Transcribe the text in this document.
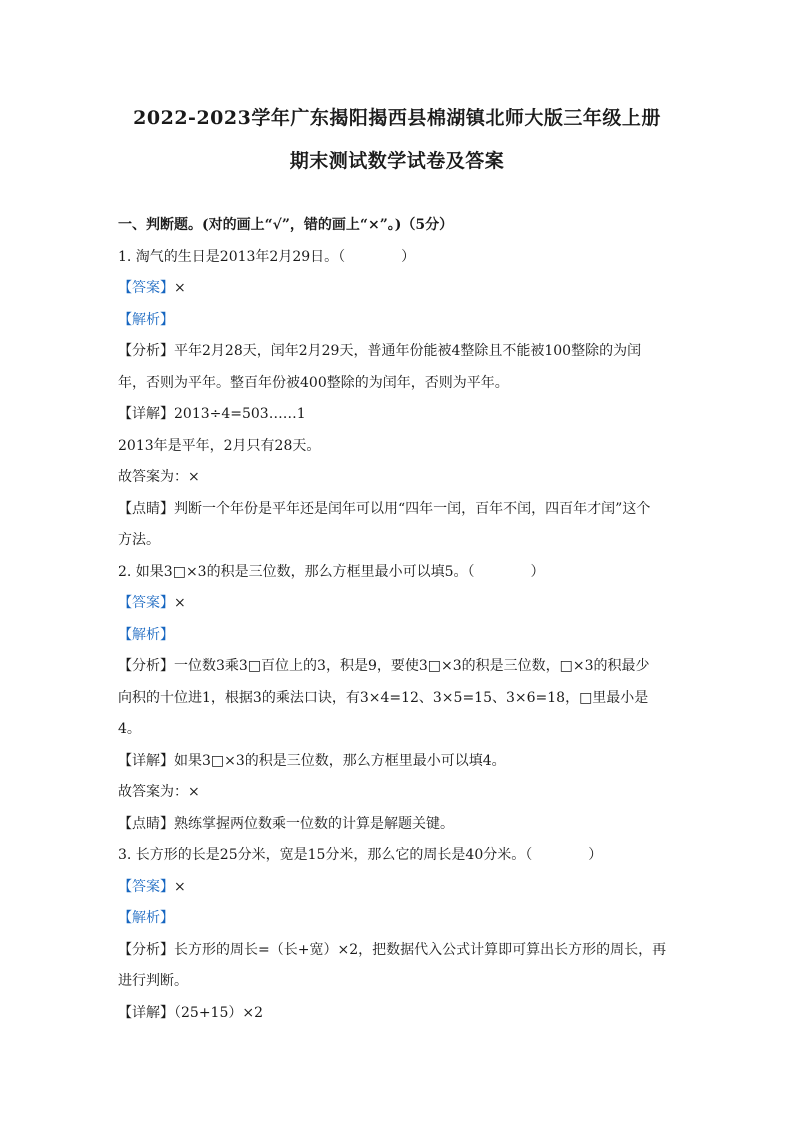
2022-2023学年广东揭阳揭西县棉湖镇北师大版三年级上册
期末测试数学试卷及答案
一、判断题。(对的画上“√”，错的画上“×”。)（5分）
1. 淘气的生日是2013年2月29日。（	）
【答案】×
【解析】
【分析】平年2月28天，闰年2月29天，普通年份能被4整除且不能被100整除的为闰
年，否则为平年。整百年份被400整除的为闰年，否则为平年。
【详解】2013÷4=503……1
2013年是平年，2月只有28天。
故答案为：×
【点睛】判断一个年份是平年还是闰年可以用“四年一闰，百年不闰，四百年才闰”这个
方法。
2. 如果3□×3的积是三位数，那么方框里最小可以填5。（	）
【答案】×
【解析】
【分析】一位数3乘3□百位上的3，积是9，要使3□×3的积是三位数，□×3的积最少
向积的十位进1，根据3的乘法口诀，有3×4=12、3×5=15、3×6=18，□里最小是
4。
【详解】如果3□×3的积是三位数，那么方框里最小可以填4。
故答案为：×
【点睛】熟练掌握两位数乘一位数的计算是解题关键。
3. 长方形的长是25分米，宽是15分米，那么它的周长是40分米。（	）
【答案】×
【解析】
【分析】长方形的周长=（长+宽）×2，把数据代入公式计算即可算出长方形的周长，再
进行判断。
【详解】（25+15）×2
